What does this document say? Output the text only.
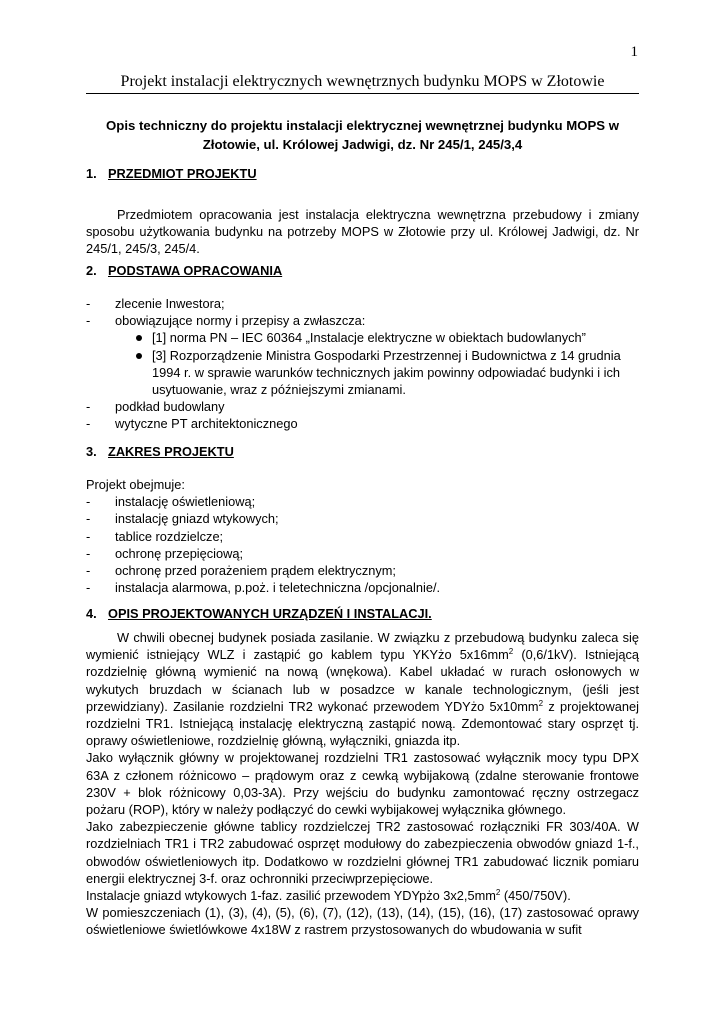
1
Projekt instalacji elektrycznych wewnętrznych budynku MOPS w Złotowie
Opis techniczny do projektu instalacji elektrycznej wewnętrznej budynku MOPS w
Złotowie, ul. Królowej Jadwigi, dz. Nr 245/1, 245/3,4
1. PRZEDMIOT PROJEKTU
Przedmiotem opracowania jest instalacja elektryczna wewnętrzna przebudowy i zmiany sposobu użytkowania budynku na potrzeby MOPS w Złotowie przy ul. Królowej Jadwigi, dz. Nr 245/1, 245/3, 245/4.
2. PODSTAWA OPRACOWANIA
- zlecenie Inwestora;
- obowiązujące normy i przepisy a zwłaszcza:
[1] norma PN – IEC 60364 „Instalacje elektryczne w obiektach budowlanych”
[3] Rozporządzenie Ministra Gospodarki Przestrzennej i Budownictwa z 14 grudnia 1994 r. w sprawie warunków technicznych jakim powinny odpowiadać budynki i ich usytuowanie, wraz z późniejszymi zmianami.
- podkład budowlany
- wytyczne PT architektonicznego
3. ZAKRES PROJEKTU
Projekt obejmuje:
- instalację oświetleniową;
- instalację gniazd wtykowych;
- tablice rozdzielcze;
- ochronę przepięciową;
- ochronę przed porażeniem prądem elektrycznym;
- instalacja alarmowa, p.poż. i teletechniczna /opcjonalnie/.
4. OPIS PROJEKTOWANYCH URZĄDZEŃ I INSTALACJI.
W chwili obecnej budynek posiada zasilanie. W związku z przebudową budynku zaleca się wymienić istniejący WLZ i zastąpić go kablem typu YKYżo $5x16mm^2$ (0,6/1kV). Istniejącą rozdzielnię główną wymienić na nową (wnękowa). Kabel układać w rurach osłonowych w wykutych bruzdach w ścianach lub w posadzce w kanale technologicznym, (jeśli jest przewidziany). Zasilanie rozdzielni TR2 wykonać przewodem YDYżo $5x10mm^2$ z projektowanej rozdzielni TR1. Istniejącą instalację elektryczną zastąpić nową. Zdemontować stary osprzęt tj. oprawy oświetleniowe, rozdzielnię główną, wyłączniki, gniazda itp.
Jako wyłącznik główny w projektowanej rozdzielni TR1 zastosować wyłącznik mocy typu DPX 63A z członem różnicowo – prądowym oraz z cewką wybijakową (zdalne sterowanie frontowe 230V + blok różnicowy 0,03-3A). Przy wejściu do budynku zamontować ręczny ostrzegacz pożaru (ROP), który w należy podłączyć do cewki wybijakowej wyłącznika głównego.
Jako zabezpieczenie główne tablicy rozdzielczej TR2 zastosować rozłączniki FR 303/40A. W rozdzielniach TR1 i TR2 zabudować osprzęt modułowy do zabezpieczenia obwodów gniazd 1-f., obwodów oświetleniowych itp. Dodatkowo w rozdzielni głównej TR1 zabudować licznik pomiaru energii elektrycznej 3-f. oraz ochronniki przeciwprzepięciowe.
Instalacje gniazd wtykowych 1-faz. zasilić przewodem YDYpżo $3x2,5mm^2$ (450/750V).
W pomieszczeniach (1), (3), (4), (5), (6), (7), (12), (13), (14), (15), (16), (17) zastosować oprawy oświetleniowe świetlówkowe 4x18W z rastrem przystosowanych do wbudowania w sufit
